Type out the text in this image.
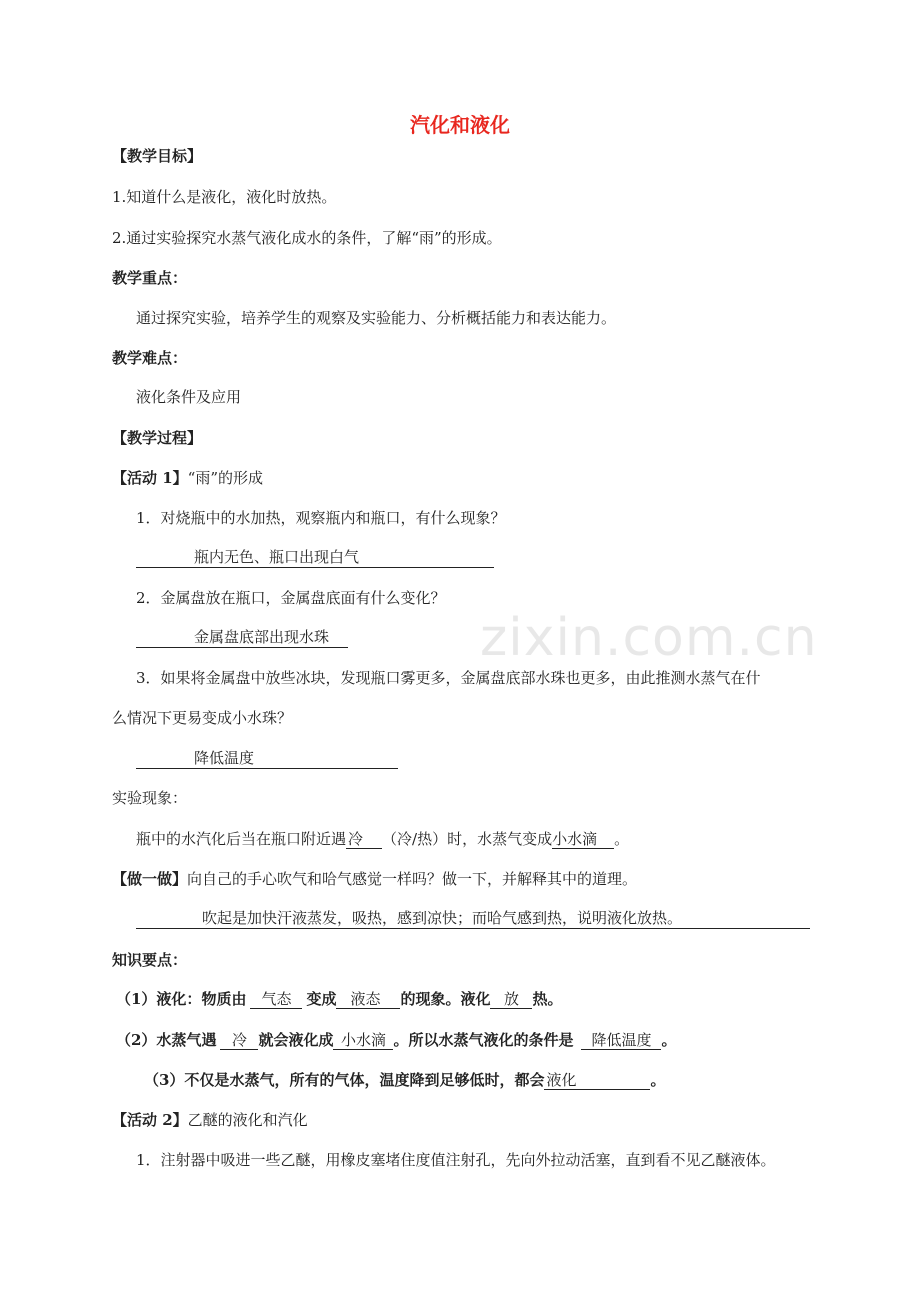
zixin.com.cn
汽化和液化
【教学目标】
1.知道什么是液化，液化时放热。
2.通过实验探究水蒸气液化成水的条件，了解“雨”的形成。
教学重点：
通过探究实验，培养学生的观察及实验能力、分析概括能力和表达能力。
教学难点：
液化条件及应用
【教学过程】
【活动 1】“雨”的形成
1．对烧瓶中的水加热，观察瓶内和瓶口，有什么现象？
瓶内无色、瓶口出现白气
2．金属盘放在瓶口，金属盘底面有什么变化？
金属盘底部出现水珠
3．如果将金属盘中放些冰块，发现瓶口雾更多，金属盘底部水珠也更多，由此推测水蒸气在什
么情况下更易变成小水珠？
降低温度
实验现象：
瓶中的水汽化后当在瓶口附近遇 冷 （冷/热）时，水蒸气变成小水滴 。
【做一做】向自己的手心吹气和哈气感觉一样吗？做一下，并解释其中的道理。
吹起是加快汗液蒸发，吸热，感到凉快；而哈气感到热，说明液化放热。
知识要点：
（1）液化：物质由 气态 变成 液态 的现象。液化 放 热。
（2）水蒸气遇 冷 就会液化成 小水滴 。所以水蒸气液化的条件是 降低温度 。
（3）不仅是水蒸气，所有的气体，温度降到足够低时，都会 液化	。
【活动 2】乙醚的液化和汽化
1．注射器中吸进一些乙醚，用橡皮塞堵住度值注射孔，先向外拉动活塞，直到看不见乙醚液体。
